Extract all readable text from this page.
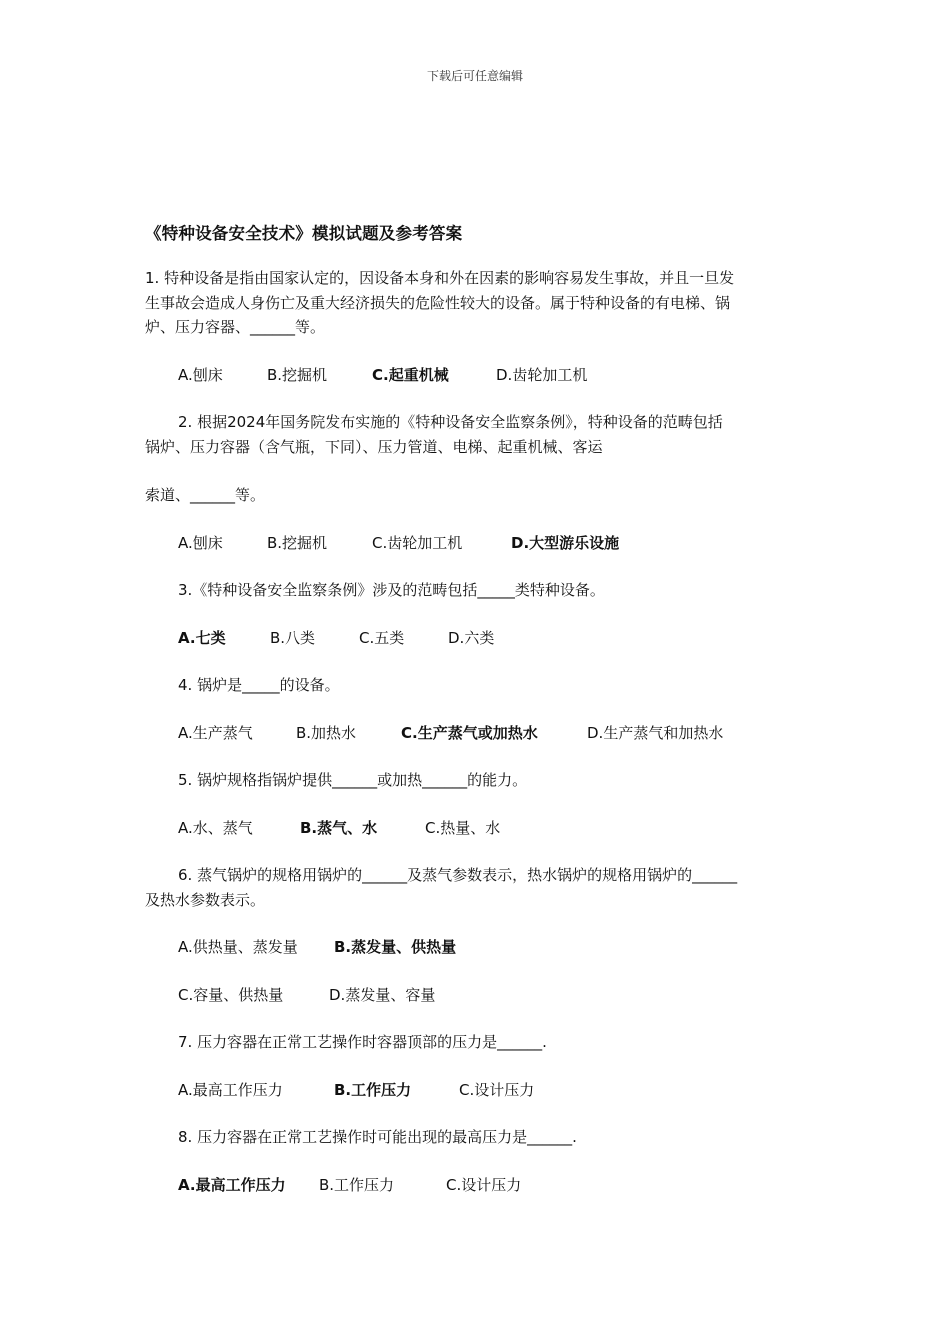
下载后可任意编辑
《特种设备安全技术》模拟试题及参考答案
1. 特种设备是指由国家认定的，因设备本身和外在因素的影响容易发生事故，并且一旦发
生事故会造成人身伤亡及重大经济损失的危险性较大的设备。属于特种设备的有电梯、锅
炉、压力容器、______等。
A.刨床	B.挖掘机	C.起重机械	D.齿轮加工机
2. 根据2024年国务院发布实施的《特种设备安全监察条例》，特种设备的范畴包括
锅炉、压力容器（含气瓶，下同）、压力管道、电梯、起重机械、客运
索道、______等。
A.刨床	B.挖掘机	C.齿轮加工机	D.大型游乐设施
3.《特种设备安全监察条例》涉及的范畴包括_____类特种设备。
A.七类	B.八类	C.五类	D.六类
4. 锅炉是_____的设备。
A.生产蒸气	B.加热水	C.生产蒸气或加热水	D.生产蒸气和加热水
5. 锅炉规格指锅炉提供______或加热______的能力。
A.水、蒸气	B.蒸气、水	C.热量、水
6. 蒸气锅炉的规格用锅炉的______及蒸气参数表示，热水锅炉的规格用锅炉的______
及热水参数表示。
A.供热量、蒸发量 B.蒸发量、供热量
C.容量、供热量	D.蒸发量、容量
7. 压力容器在正常工艺操作时容器顶部的压力是______.
A.最高工作压力	B.工作压力	C.设计压力
8. 压力容器在正常工艺操作时可能出现的最高压力是______.
A.最高工作压力 B.工作压力	C.设计压力
